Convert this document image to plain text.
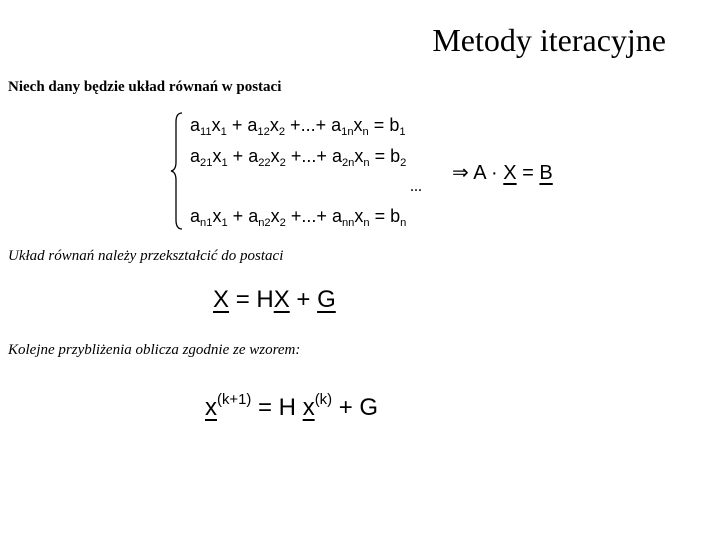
Metody iteracyjne
Niech dany będzie układ równań w postaci
$a_{11}x_1 + a_{12}x_2$ +...+ $a_{1n}x_n = b_1$
$a_{21}x_1 + a_{22}x_2$ +...+ $a_{2n}x_n = b_2$
...
$a_{n1}x_1 + a_{n2}x_2$ +...+ $a_{nn}x_n = b_n$
⇒ A · X = B
Układ równań należy przekształcić do postaci
X = HX + G
Kolejne przybliżenia oblicza zgodnie ze wzorem:
$x^{(k+1)} = H$ $x^{(k)} + G$
